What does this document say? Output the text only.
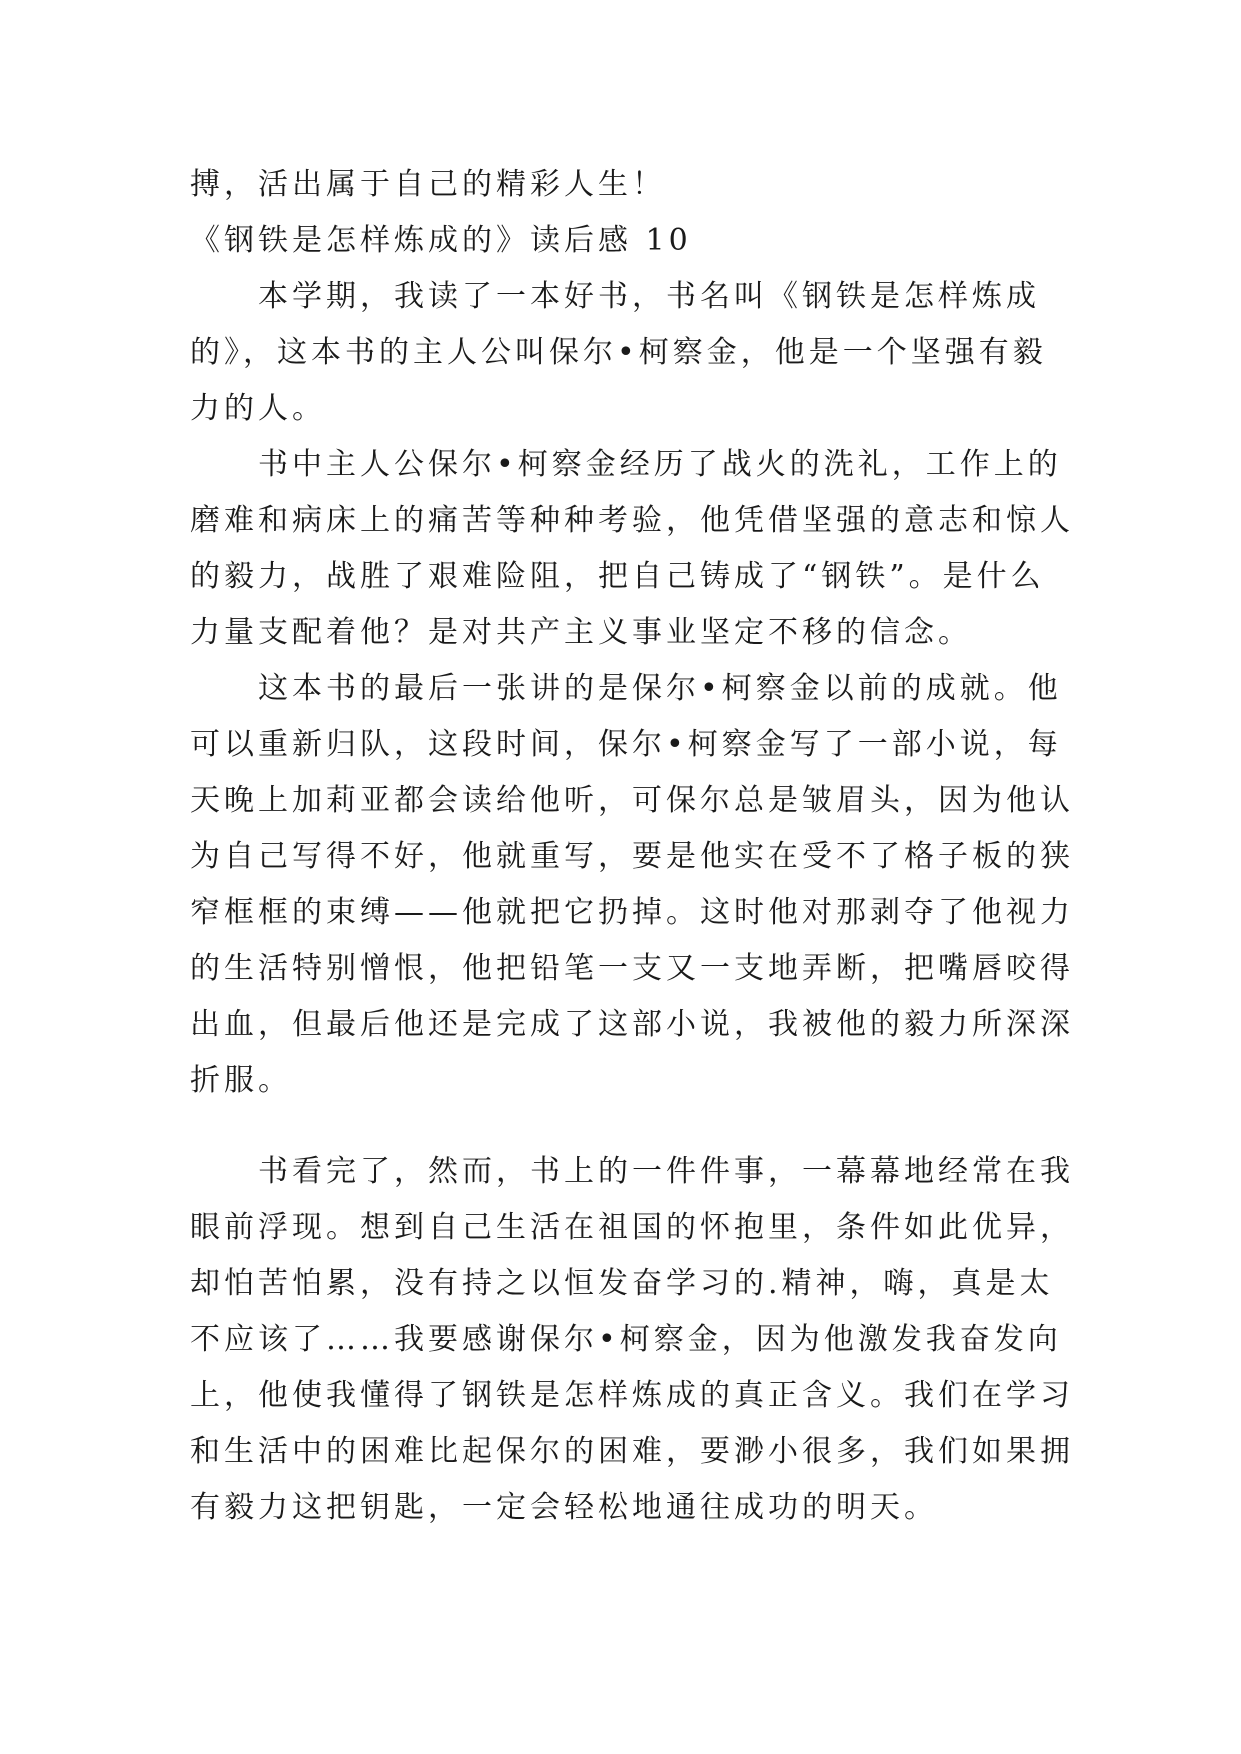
搏，活出属于自己的精彩人生！
《钢铁是怎样炼成的》读后感 10
本学期，我读了一本好书，书名叫《钢铁是怎样炼成
的》，这本书的主人公叫保尔•柯察金，他是一个坚强有毅
力的人。
书中主人公保尔•柯察金经历了战火的洗礼，工作上的
磨难和病床上的痛苦等种种考验，他凭借坚强的意志和惊人
的毅力，战胜了艰难险阻，把自己铸成了“钢铁”。是什么
力量支配着他？是对共产主义事业坚定不移的信念。
这本书的最后一张讲的是保尔•柯察金以前的成就。他
可以重新归队，这段时间，保尔•柯察金写了一部小说，每
天晚上加莉亚都会读给他听，可保尔总是皱眉头，因为他认
为自己写得不好，他就重写，要是他实在受不了格子板的狭
窄框框的束缚——他就把它扔掉。这时他对那剥夺了他视力
的生活特别憎恨，他把铅笔一支又一支地弄断，把嘴唇咬得
出血，但最后他还是完成了这部小说，我被他的毅力所深深
折服。
书看完了，然而，书上的一件件事，一幕幕地经常在我
眼前浮现。想到自己生活在祖国的怀抱里，条件如此优异，
却怕苦怕累，没有持之以恒发奋学习的.精神，嗨，真是太
不应该了……我要感谢保尔•柯察金，因为他激发我奋发向
上，他使我懂得了钢铁是怎样炼成的真正含义。我们在学习
和生活中的困难比起保尔的困难，要渺小很多，我们如果拥
有毅力这把钥匙，一定会轻松地通往成功的明天。
